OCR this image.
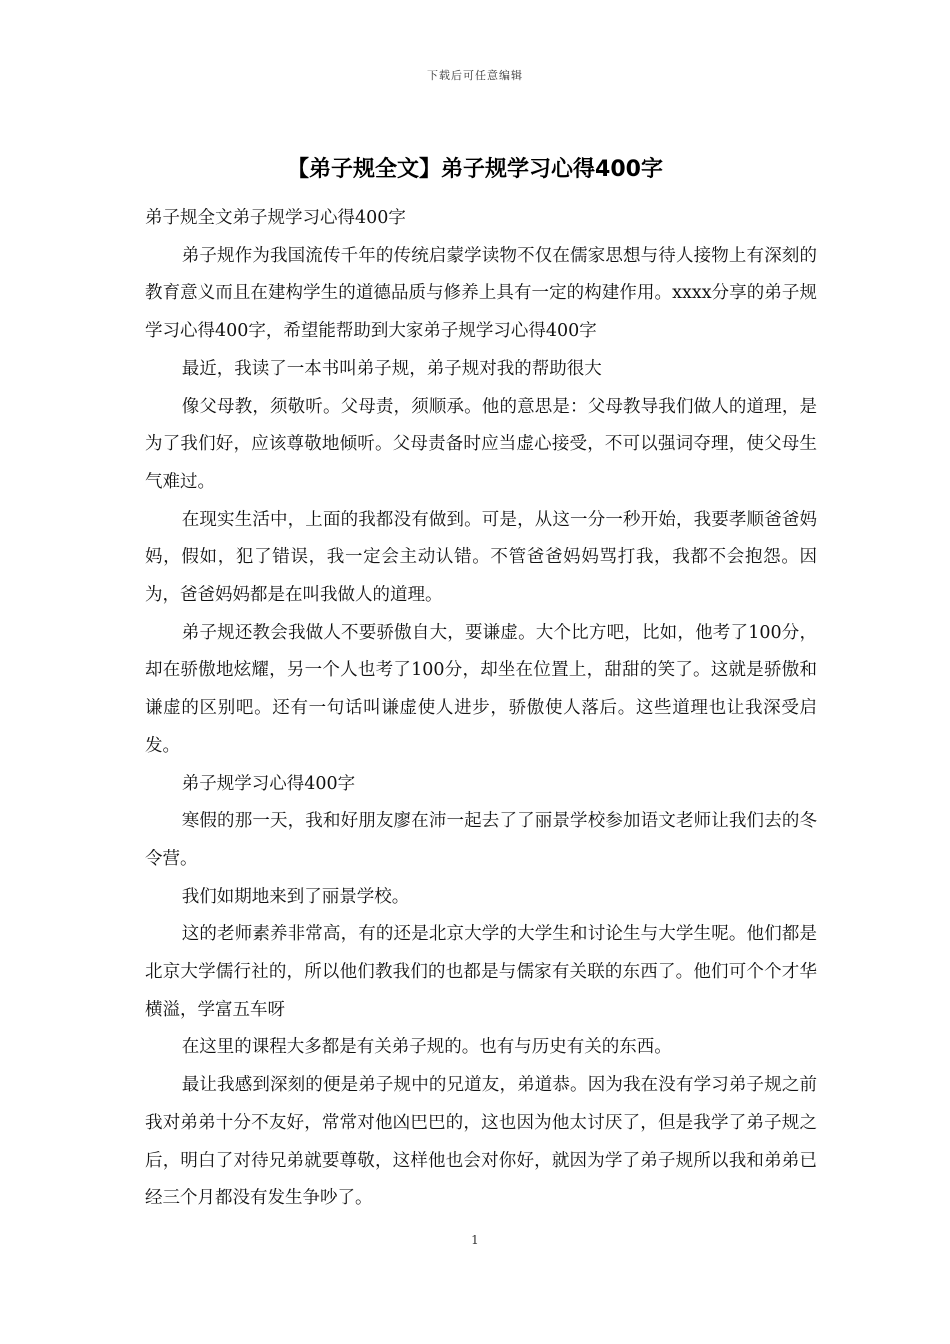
下载后可任意编辑
【弟子规全文】弟子规学习心得400字

弟子规全文弟子规学习心得400字

弟子规作为我国流传千年的传统启蒙学读物不仅在儒家思想与待人接物上有深刻的教育意义而且在建构学生的道德品质与修养上具有一定的构建作用。xxxx分享的弟子规学习心得400字，希望能帮助到大家弟子规学习心得400字

最近，我读了一本书叫弟子规，弟子规对我的帮助很大

像父母教，须敬听。父母责，须顺承。他的意思是：父母教导我们做人的道理，是为了我们好，应该尊敬地倾听。父母责备时应当虚心接受，不可以强词夺理，使父母生气难过。

在现实生活中，上面的我都没有做到。可是，从这一分一秒开始，我要孝顺爸爸妈妈，假如，犯了错误，我一定会主动认错。不管爸爸妈妈骂打我，我都不会抱怨。因为，爸爸妈妈都是在叫我做人的道理。

弟子规还教会我做人不要骄傲自大，要谦虚。大个比方吧，比如，他考了100分，却在骄傲地炫耀，另一个人也考了100分，却坐在位置上，甜甜的笑了。这就是骄傲和谦虚的区别吧。还有一句话叫谦虚使人进步，骄傲使人落后。这些道理也让我深受启发。

弟子规学习心得400字

寒假的那一天，我和好朋友廖在沛一起去了了丽景学校参加语文老师让我们去的冬令营。

我们如期地来到了丽景学校。

这的老师素养非常高，有的还是北京大学的大学生和讨论生与大学生呢。他们都是北京大学儒行社的，所以他们教我们的也都是与儒家有关联的东西了。他们可个个才华横溢，学富五车呀

在这里的课程大多都是有关弟子规的。也有与历史有关的东西。

最让我感到深刻的便是弟子规中的兄道友，弟道恭。因为我在没有学习弟子规之前我对弟弟十分不友好，常常对他凶巴巴的，这也因为他太讨厌了，但是我学了弟子规之后，明白了对待兄弟就要尊敬，这样他也会对你好，就因为学了弟子规所以我和弟弟已经三个月都没有发生争吵了。

1
